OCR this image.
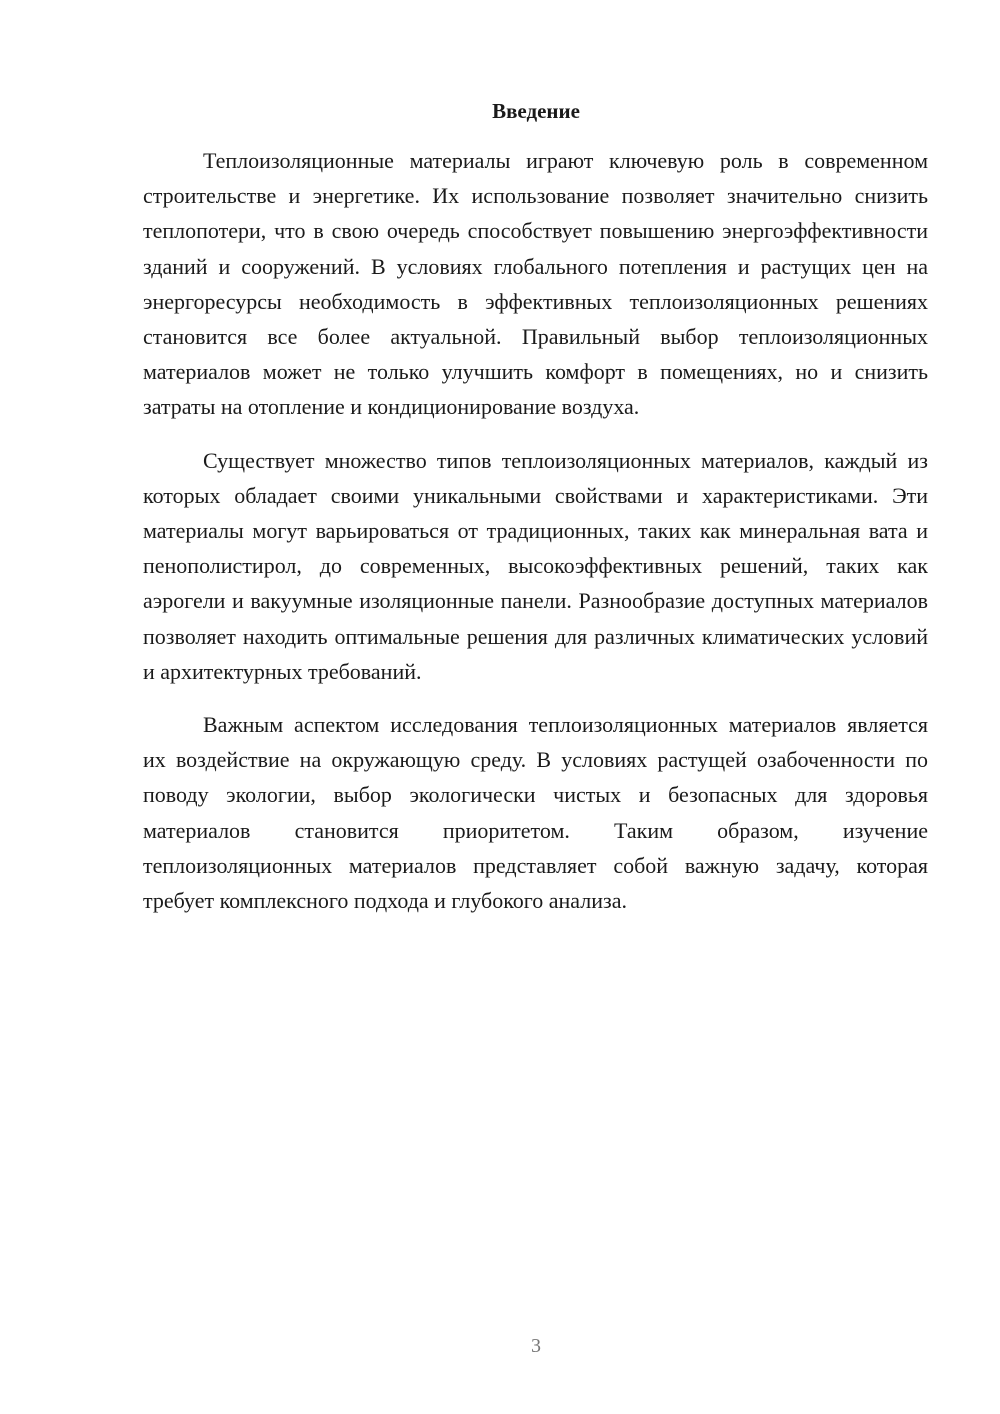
Введение

Теплоизоляционные материалы играют ключевую роль в современном строительстве и энергетике. Их использование позволяет значительно снизить теплопотери, что в свою очередь способствует повышению энергоэффективности зданий и сооружений. В условиях глобального потепления и растущих цен на энергоресурсы необходимость в эффективных теплоизоляционных решениях становится все более актуальной. Правильный выбор теплоизоляционных материалов может не только улучшить комфорт в помещениях, но и снизить затраты на отопление и кондиционирование воздуха.

Существует множество типов теплоизоляционных материалов, каждый из которых обладает своими уникальными свойствами и характеристиками. Эти материалы могут варьироваться от традиционных, таких как минеральная вата и пенополистирол, до современных, высокоэффективных решений, таких как аэрогели и вакуумные изоляционные панели. Разнообразие доступных материалов позволяет находить оптимальные решения для различных климатических условий и архитектурных требований.

Важным аспектом исследования теплоизоляционных материалов является их воздействие на окружающую среду. В условиях растущей озабоченности по поводу экологии, выбор экологически чистых и безопасных для здоровья материалов становится приоритетом. Таким образом, изучение теплоизоляционных материалов представляет собой важную задачу, которая требует комплексного подхода и глубокого анализа.

3
